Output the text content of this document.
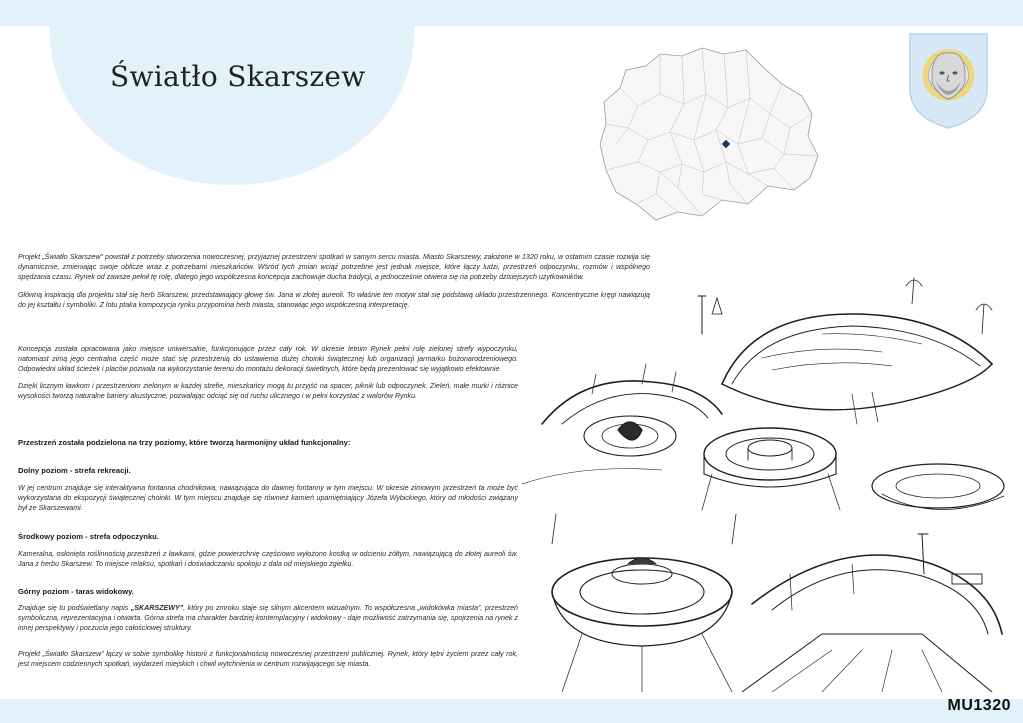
Światło Skarszew

Projekt „Światło Skarszew” powstał z potrzeby stworzenia nowoczesnej, przyjaznej przestrzeni spotkań w samym sercu miasta. Miasto Skarszewy, założone w 1320 roku, w ostatnim czasie rozwija się dynamicznie, zmieniając swoje oblicze wraz z potrzebami mieszkańców. Wśród tych zmian wciąż potrzebne jest jednak miejsce, które łączy ludzi, przestrzeń odpoczynku, rozmów i wspólnego spędzania czasu. Rynek od zawsze pełnił tę rolę, dlatego jego współczesna koncepcja zachowuje ducha tradycji, a jednocześnie otwiera się na potrzeby dzisiejszych użytkowników.

Główną inspiracją dla projektu stał się herb Skarszew, przedstawiający głowę św. Jana w złotej aureoli. To właśnie ten motyw stał się podstawą układu przestrzennego. Koncentryczne kręgi nawiązują do jej kształtu i symboliki. Z lotu ptaka kompozycja rynku przypomina herb miasta, stanowiąc jego współczesną interpretację.

Koncepcja została opracowana jako miejsce uniwersalne, funkcjonujące przez cały rok. W okresie letnim Rynek pełni rolę zielonej strefy wypoczynku, natomiast zimą jego centralna część może stać się przestrzenią do ustawienia dużej choinki świątecznej lub organizacji jarmarku bożonarodzeniowego. Odpowiedni układ ścieżek i placów pozwala na wykorzystanie terenu do montażu dekoracji świetlnych, które będą prezentować się wyjątkowo efektownie.

Dzięki licznym ławkom i przestrzeniom zielonym w każdej strefie, mieszkańcy mogą tu przyjść na spacer, piknik lub odpoczynek. Zieleń, małe murki i różnice wysokości tworzą naturalne bariery akustyczne, pozwalając odciąć się od ruchu ulicznego i w pełni korzystać z walorów Rynku.

Przestrzeń została podzielona na trzy poziomy, które tworzą harmonijny układ funkcjonalny:
Dolny poziom - strefa rekreacji.
W jej centrum znajduje się interaktywna fontanna chodnikowa, nawiązująca do dawnej fontanny w tym miejscu. W okresie zimowym przestrzeń ta może być wykorzystana do ekspozycji świątecznej choinki. W tym miejscu znajduje się również kamień upamiętniający Józefa Wybickiego, który od młodości związany był ze Skarszewami.
Środkowy poziom - strefa odpoczynku.
Kameralna, osłonięta roślinnością przestrzeń z ławkami, gdzie powierzchnię częściowo wyłożono kostką w odcieniu żółtym, nawiązującą do złotej aureoli św. Jana z herbu Skarszew. To miejsce relaksu, spotkań i doświadczaniu spokoju z dala od miejskiego zgiełku.
Górny poziom - taras widokowy.
Znajduje się tu podświetlany napis „SKARSZEWY”, który po zmroku staje się silnym akcentem wizualnym. To współczesna „widokówka miasta”, przestrzeń symboliczna, reprezentacyjna i otwarta. Górna strefa ma charakter bardziej kontemplacyjny i widokowy - daje możliwość zatrzymania się, spojrzenia na rynek z innej perspektywy i poczucia jego całościowej struktury.
Projekt „Światło Skarszew” łączy w sobie symbolikę historii z funkcjonalnością nowoczesnej przestrzeni publicznej. Rynek, który tętni życiem przez cały rok, jest miejscem codziennych spotkań, wydarzeń miejskich i chwil wytchnienia w centrum rozwijającego się miasta.
MU1320
